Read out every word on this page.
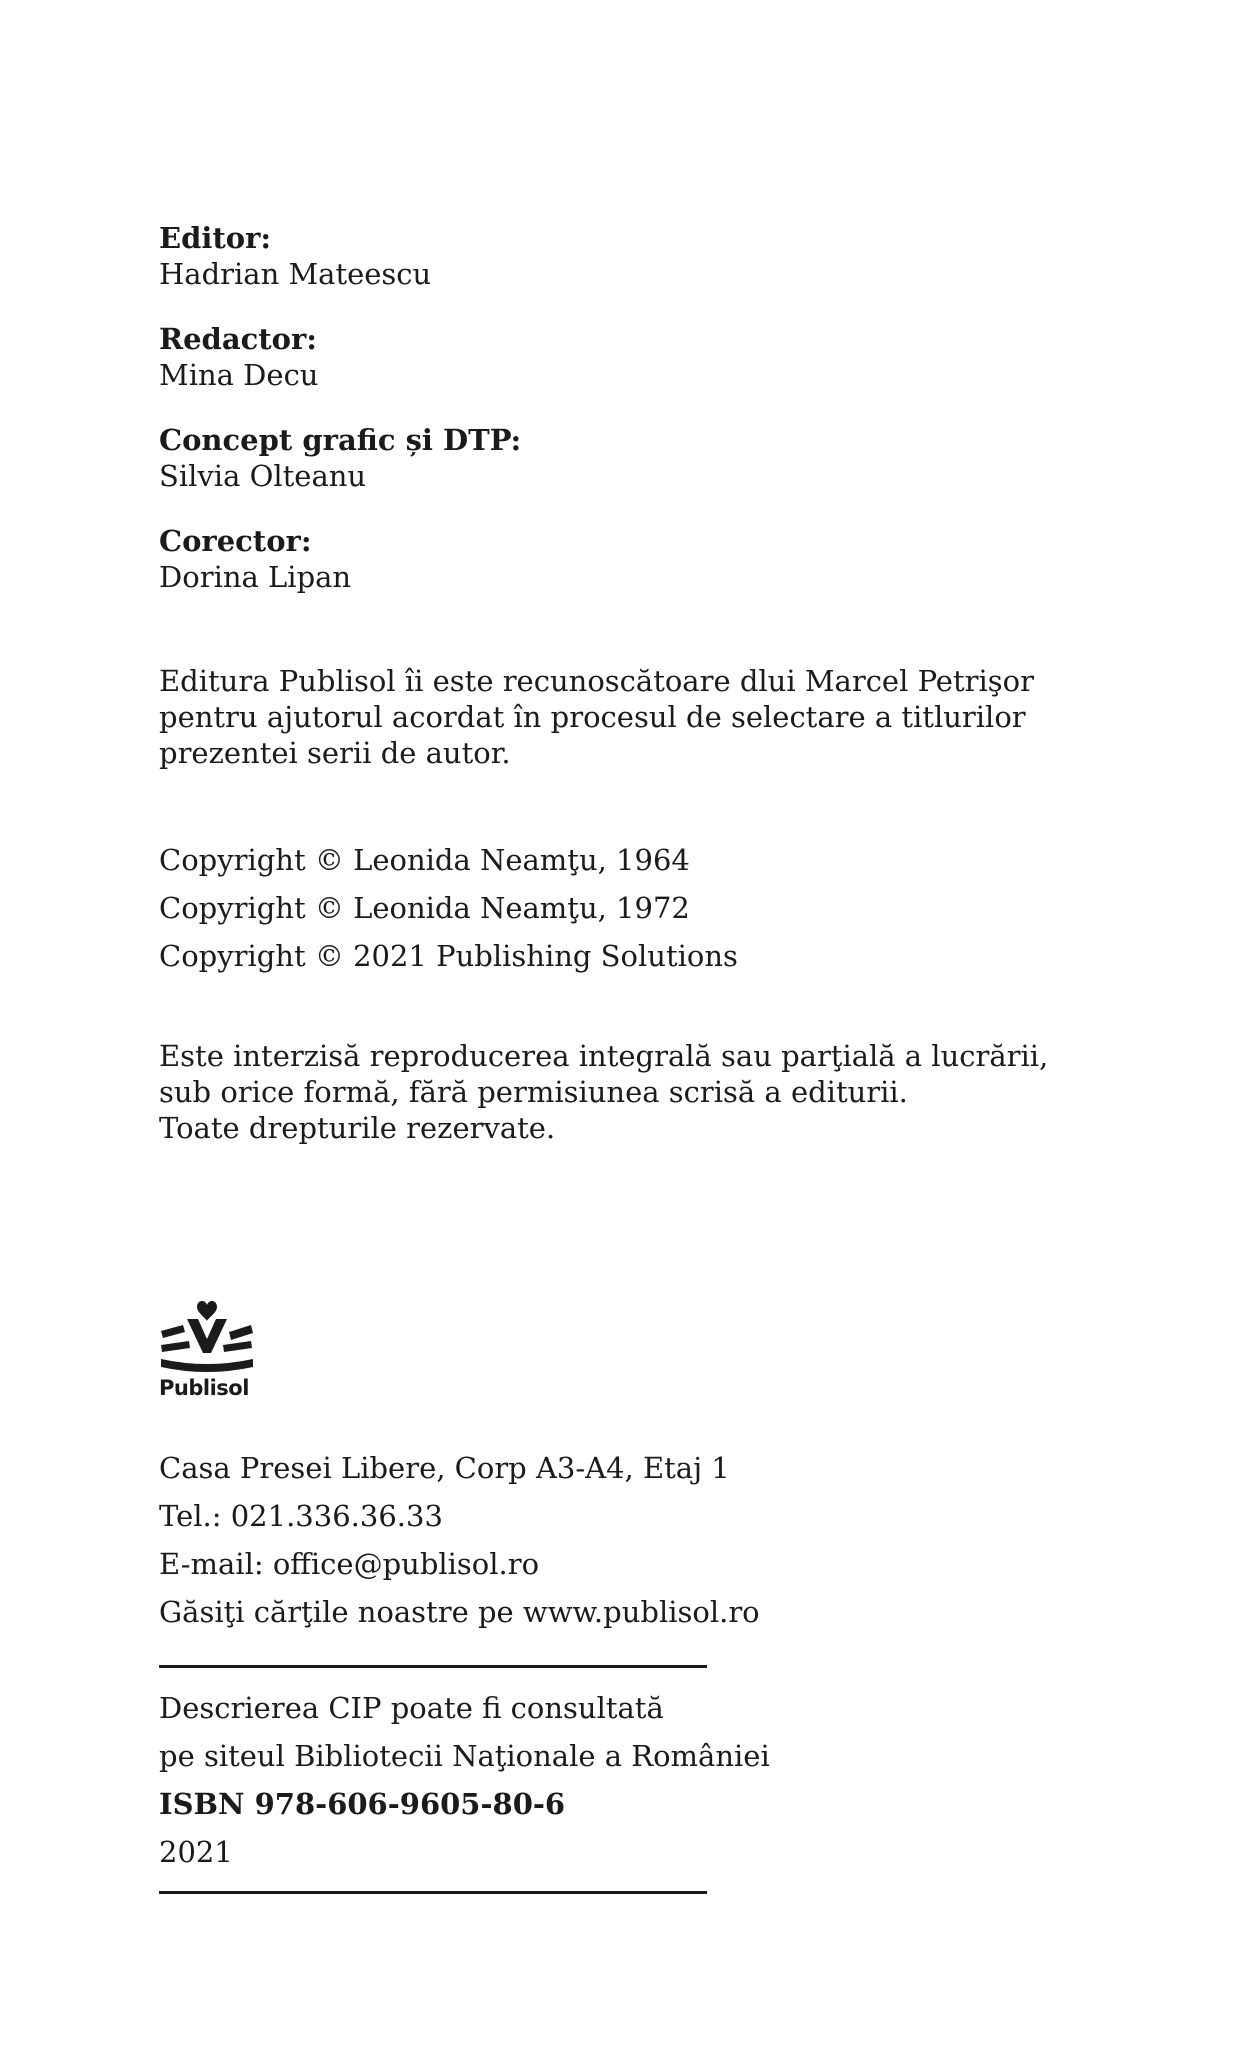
Editor:
Hadrian Mateescu
Redactor:
Mina Decu
Concept grafic și DTP:
Silvia Olteanu
Corector:
Dorina Lipan
Editura Publisol îi este recunoscătoare dlui Marcel Petrişor
pentru ajutorul acordat în procesul de selectare a titlurilor
prezentei serii de autor.
Copyright © Leonida Neamţu, 1964
Copyright © Leonida Neamţu, 1972
Copyright © 2021 Publishing Solutions
Este interzisă reproducerea integrală sau parţială a lucrării,
sub orice formă, fără permisiunea scrisă a editurii.
Toate drepturile rezervate.
Publisol
Casa Presei Libere, Corp A3-A4, Etaj 1
Tel.: 021.336.36.33
E-mail: office@publisol.ro
Găsiţi cărţile noastre pe www.publisol.ro
Descrierea CIP poate fi consultată
pe siteul Bibliotecii Naţionale a României
ISBN 978-606-9605-80-6
2021
